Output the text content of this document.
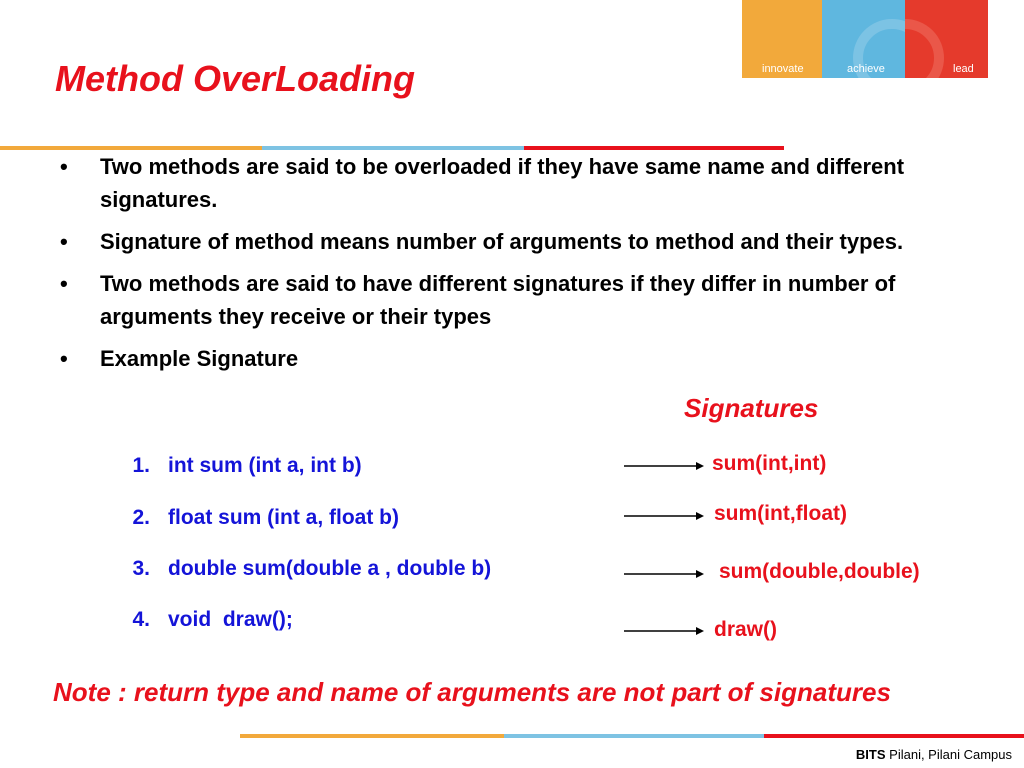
innovate	achieve	lead
Method OverLoading
• Two methods are said to be overloaded if they have same name and different signatures.
• Signature of method means number of arguments to method and their types.
• Two methods are said to have different signatures if they differ in number of arguments they receive or their types
• Example Signature
Signatures
1. int sum (int a, int b)	sum(int,int)
2. float sum (int a, float b)	sum(int,float)
3. double sum(double a , double b)	sum(double,double)
4. void  draw();	draw()
Note : return type and name of arguments are not part of signatures
BITS Pilani, Pilani Campus
